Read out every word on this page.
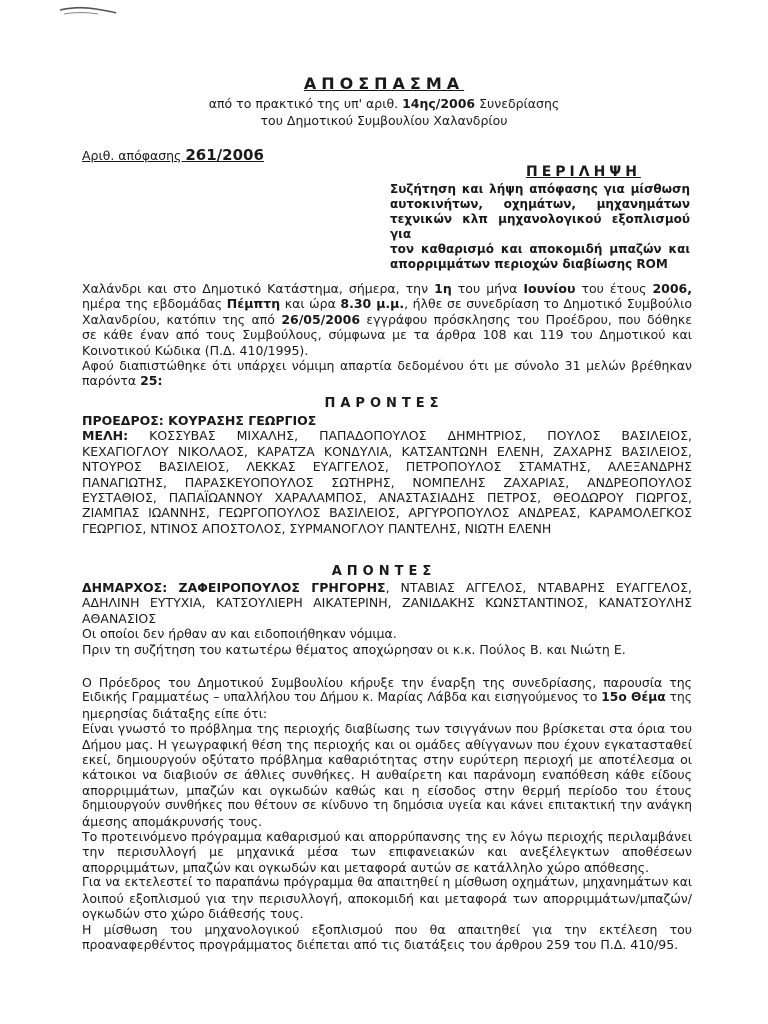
ΑΠΟΣΠΑΣΜΑ
από το πρακτικό της υπ' αριθ. 14ης/2006 Συνεδρίασης
του Δημοτικού Συμβουλίου Χαλανδρίου
Αριθ. απόφασης 261/2006
ΠΕΡΙΛΗΨΗ
Συζήτηση και λήψη απόφασης για μίσθωση
αυτοκινήτων, οχημάτων, μηχανημάτων
τεχνικών κλπ μηχανολογικού εξοπλισμού για
τον καθαρισμό και αποκομιδή μπαζών και
απορριμμάτων περιοχών διαβίωσης ROM
Χαλάνδρι και στο Δημοτικό Κατάστημα, σήμερα, την 1η του μήνα Ιουνίου του έτους 2006,
ημέρα της εβδομάδας Πέμπτη και ώρα 8.30 μ.μ., ήλθε σε συνεδρίαση το Δημοτικό Συμβούλιο
Χαλανδρίου, κατόπιν της από 26/05/2006 εγγράφου πρόσκλησης του Προέδρου, που δόθηκε
σε κάθε έναν από τους Συμβούλους, σύμφωνα με τα άρθρα 108 και 119 του Δημοτικού και
Κοινοτικού Κώδικα (Π.Δ. 410/1995).
Αφού διαπιστώθηκε ότι υπάρχει νόμιμη απαρτία δεδομένου ότι με σύνολο 31 μελών βρέθηκαν
παρόντα 25:
ΠΑΡΟΝΤΕΣ
ΠΡΟΕΔΡΟΣ: ΚΟΥΡΑΣΗΣ ΓΕΩΡΓΙΟΣ
ΜΕΛΗ: ΚΟΣΣΥΒΑΣ ΜΙΧΑΛΗΣ, ΠΑΠΑΔΟΠΟΥΛΟΣ ΔΗΜΗΤΡΙΟΣ, ΠΟΥΛΟΣ ΒΑΣΙΛΕΙΟΣ,
ΚΕΧΑΓΙΟΓΛΟΥ ΝΙΚΟΛΑΟΣ, ΚΑΡΑΤΖΑ ΚΟΝΔΥΛΙΑ, ΚΑΤΣΑΝΤΩΝΗ ΕΛΕΝΗ, ΖΑΧΑΡΗΣ ΒΑΣΙΛΕΙΟΣ,
ΝΤΟΥΡΟΣ ΒΑΣΙΛΕΙΟΣ, ΛΕΚΚΑΣ ΕΥΑΓΓΕΛΟΣ, ΠΕΤΡΟΠΟΥΛΟΣ ΣΤΑΜΑΤΗΣ, ΑΛΕΞΑΝΔΡΗΣ
ΠΑΝΑΓΙΩΤΗΣ, ΠΑΡΑΣΚΕΥΟΠΟΥΛΟΣ ΣΩΤΗΡΗΣ, ΝΟΜΠΕΛΗΣ ΖΑΧΑΡΙΑΣ, ΑΝΔΡΕΟΠΟΥΛΟΣ
ΕΥΣΤΑΘΙΟΣ, ΠΑΠΑΪΩΑΝΝΟΥ ΧΑΡΑΛΑΜΠΟΣ, ΑΝΑΣΤΑΣΙΑΔΗΣ ΠΕΤΡΟΣ, ΘΕΟΔΩΡΟΥ ΓΙΩΡΓΟΣ,
ΖΙΑΜΠΑΣ ΙΩΑΝΝΗΣ, ΓΕΩΡΓΟΠΟΥΛΟΣ ΒΑΣΙΛΕΙΟΣ, ΑΡΓΥΡΟΠΟΥΛΟΣ ΑΝΔΡΕΑΣ, ΚΑΡΑΜΟΛΕΓΚΟΣ
ΓΕΩΡΓΙΟΣ, ΝΤΙΝΟΣ ΑΠΟΣΤΟΛΟΣ, ΣΥΡΜΑΝΟΓΛΟΥ ΠΑΝΤΕΛΗΣ, ΝΙΩΤΗ ΕΛΕΝΗ
ΑΠΟΝΤΕΣ
ΔΗΜΑΡΧΟΣ: ΖΑΦΕΙΡΟΠΟΥΛΟΣ ΓΡΗΓΟΡΗΣ, ΝΤΑΒΙΑΣ ΑΓΓΕΛΟΣ, ΝΤΑΒΑΡΗΣ ΕΥΑΓΓΕΛΟΣ,
ΑΔΗΛΙΝΗ ΕΥΤΥΧΙΑ, ΚΑΤΣΟΥΛΙΕΡΗ ΑΙΚΑΤΕΡΙΝΗ, ΖΑΝΙΔΑΚΗΣ ΚΩΝΣΤΑΝΤΙΝΟΣ, ΚΑΝΑΤΣΟΥΛΗΣ
ΑΘΑΝΑΣΙΟΣ
Οι οποίοι δεν ήρθαν αν και ειδοποιήθηκαν νόμιμα.
Πριν τη συζήτηση του κατωτέρω θέματος αποχώρησαν οι κ.κ. Πούλος Β. και Νιώτη Ε.
Ο Πρόεδρος του Δημοτικού Συμβουλίου κήρυξε την έναρξη της συνεδρίασης, παρουσία της
Ειδικής Γραμματέως – υπαλλήλου του Δήμου κ. Μαρίας Λάβδα και εισηγούμενος το 15ο Θέμα της
ημερησίας διάταξης είπε ότι:
Είναι γνωστό το πρόβλημα της περιοχής διαβίωσης των τσιγγάνων που βρίσκεται στα όρια του
Δήμου μας. Η γεωγραφική θέση της περιοχής και οι ομάδες αθίγγανων που έχουν εγκατασταθεί
εκεί, δημιουργούν οξύτατο πρόβλημα καθαριότητας στην ευρύτερη περιοχή με αποτέλεσμα οι
κάτοικοι να διαβιούν σε άθλιες συνθήκες. Η αυθαίρετη και παράνομη εναπόθεση κάθε είδους
απορριμμάτων, μπαζών και ογκωδών καθώς και η είσοδος στην θερμή περίοδο του έτους
δημιουργούν συνθήκες που θέτουν σε κίνδυνο τη δημόσια υγεία και κάνει επιτακτική την ανάγκη
άμεσης απομάκρυνσής τους.
Το προτεινόμενο πρόγραμμα καθαρισμού και απορρύπανσης της εν λόγω περιοχής περιλαμβάνει
την περισυλλογή με μηχανικά μέσα των επιφανειακών και ανεξέλεγκτων αποθέσεων
απορριμμάτων, μπαζών και ογκωδών και μεταφορά αυτών σε κατάλληλο χώρο απόθεσης.
Για να εκτελεστεί το παραπάνω πρόγραμμα θα απαιτηθεί η μίσθωση οχημάτων, μηχανημάτων και
λοιπού εξοπλισμού για την περισυλλογή, αποκομιδή και μεταφορά των απορριμμάτων/μπαζών/
ογκωδών στο χώρο διάθεσής τους.
Η μίσθωση του μηχανολογικού εξοπλισμού που θα απαιτηθεί για την εκτέλεση του
προαναφερθέντος προγράμματος διέπεται από τις διατάξεις του άρθρου 259 του Π.Δ. 410/95.
